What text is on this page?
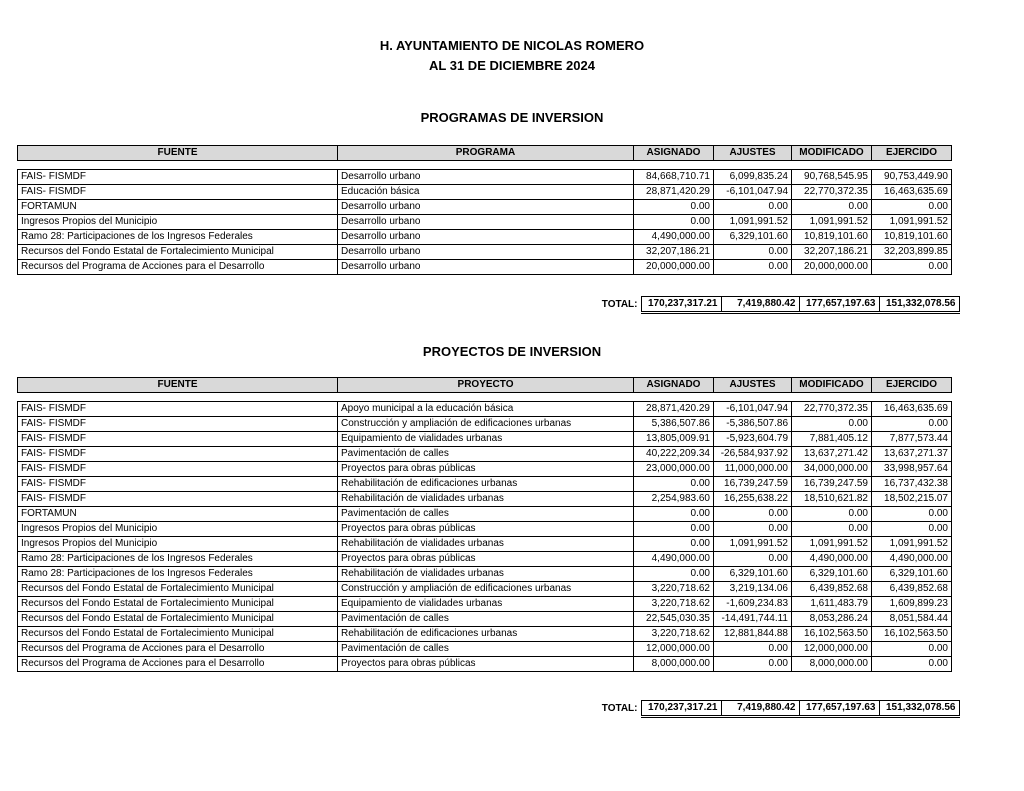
H. AYUNTAMIENTO DE NICOLAS ROMERO
AL 31 DE DICIEMBRE 2024
PROGRAMAS DE INVERSION
FUENTE	PROGRAMA	ASIGNADO	AJUSTES	MODIFICADO	EJERCIDO

FAIS- FISMDF	Desarrollo urbano	84,668,710.71	6,099,835.24	90,768,545.95	90,753,449.90
FAIS- FISMDF	Educación básica	28,871,420.29	-6,101,047.94	22,770,372.35	16,463,635.69
FORTAMUN	Desarrollo urbano	0.00	0.00	0.00	0.00
Ingresos Propios del Municipio	Desarrollo urbano	0.00	1,091,991.52	1,091,991.52	1,091,991.52
Ramo 28: Participaciones de los Ingresos Federales	Desarrollo urbano	4,490,000.00	6,329,101.60	10,819,101.60	10,819,101.60
Recursos del Fondo Estatal de Fortalecimiento Municipal	Desarrollo urbano	32,207,186.21	0.00	32,207,186.21	32,203,899.85
Recursos del Programa de Acciones para el Desarrollo	Desarrollo urbano	20,000,000.00	0.00	20,000,000.00	0.00
TOTAL:	170,237,317.21	7,419,880.42	177,657,197.63	151,332,078.56
PROYECTOS DE INVERSION
FUENTE	PROYECTO	ASIGNADO	AJUSTES	MODIFICADO	EJERCIDO

FAIS- FISMDF	Apoyo municipal a la educación básica	28,871,420.29	-6,101,047.94	22,770,372.35	16,463,635.69
FAIS- FISMDF	Construcción y ampliación de edificaciones urbanas	5,386,507.86	-5,386,507.86	0.00	0.00
FAIS- FISMDF	Equipamiento de vialidades urbanas	13,805,009.91	-5,923,604.79	7,881,405.12	7,877,573.44
FAIS- FISMDF	Pavimentación de calles	40,222,209.34	-26,584,937.92	13,637,271.42	13,637,271.37
FAIS- FISMDF	Proyectos para obras públicas	23,000,000.00	11,000,000.00	34,000,000.00	33,998,957.64
FAIS- FISMDF	Rehabilitación de edificaciones urbanas	0.00	16,739,247.59	16,739,247.59	16,737,432.38
FAIS- FISMDF	Rehabilitación de vialidades urbanas	2,254,983.60	16,255,638.22	18,510,621.82	18,502,215.07
FORTAMUN	Pavimentación de calles	0.00	0.00	0.00	0.00
Ingresos Propios del Municipio	Proyectos para obras públicas	0.00	0.00	0.00	0.00
Ingresos Propios del Municipio	Rehabilitación de vialidades urbanas	0.00	1,091,991.52	1,091,991.52	1,091,991.52
Ramo 28: Participaciones de los Ingresos Federales	Proyectos para obras públicas	4,490,000.00	0.00	4,490,000.00	4,490,000.00
Ramo 28: Participaciones de los Ingresos Federales	Rehabilitación de vialidades urbanas	0.00	6,329,101.60	6,329,101.60	6,329,101.60
Recursos del Fondo Estatal de Fortalecimiento Municipal	Construcción y ampliación de edificaciones urbanas	3,220,718.62	3,219,134.06	6,439,852.68	6,439,852.68
Recursos del Fondo Estatal de Fortalecimiento Municipal	Equipamiento de vialidades urbanas	3,220,718.62	-1,609,234.83	1,611,483.79	1,609,899.23
Recursos del Fondo Estatal de Fortalecimiento Municipal	Pavimentación de calles	22,545,030.35	-14,491,744.11	8,053,286.24	8,051,584.44
Recursos del Fondo Estatal de Fortalecimiento Municipal	Rehabilitación de edificaciones urbanas	3,220,718.62	12,881,844.88	16,102,563.50	16,102,563.50
Recursos del Programa de Acciones para el Desarrollo	Pavimentación de calles	12,000,000.00	0.00	12,000,000.00	0.00
Recursos del Programa de Acciones para el Desarrollo	Proyectos para obras públicas	8,000,000.00	0.00	8,000,000.00	0.00
TOTAL:	170,237,317.21	7,419,880.42	177,657,197.63	151,332,078.56
